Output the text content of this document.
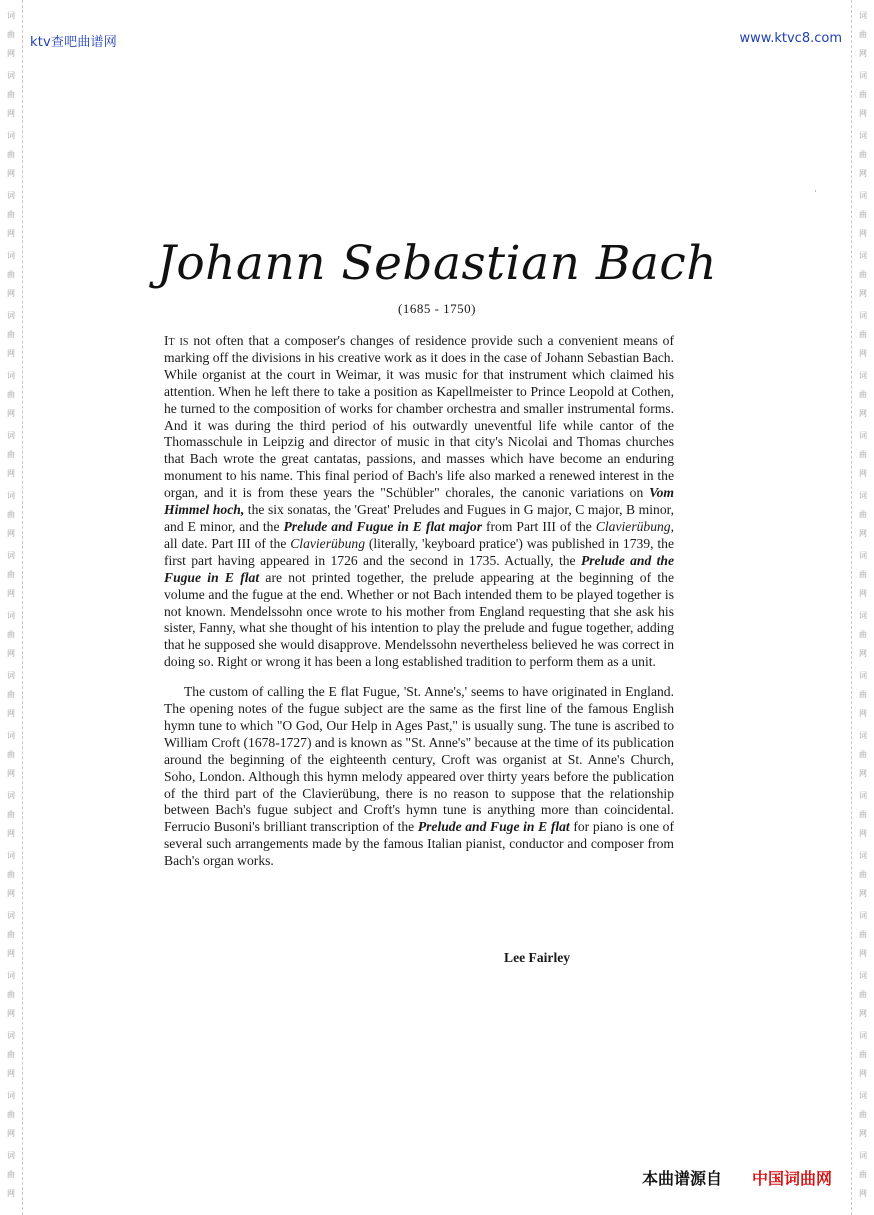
词
曲
网
词
曲
网
词
曲
网
词
曲
网
词
曲
网
词
曲
网
词
曲
网
词
曲
网
词
曲
网
词
曲
网
词
曲
网
词
曲
网
词
曲
网
词
曲
网
词
曲
网
词
曲
网
词
曲
网
词
曲
网
词
曲
网
词
曲
网
词
曲
网
词
曲
网
词
曲
网
词
曲
网
词
曲
网
词
曲
网
词
曲
网
词
曲
网
词
曲
网
词
曲
网
词
曲
网
词
曲
网
词
曲
网
词
曲
网
词
曲
网
词
曲
网
词
曲
网
词
曲
网
词
曲
网
词
曲
网
ktv查吧曲谱网	www.ktvc8.com
Johann Sebastian Bach
(1685 - 1750)

It is not often that a composer's changes of residence provide such a convenient means of marking off the divisions in his creative work as it does in the case of Johann Sebastian Bach. While organist at the court in Weimar, it was music for that instrument which claimed his attention. When he left there to take a position as Kapellmeister to Prince Leopold at Cothen, he turned to the composition of works for chamber orchestra and smaller instrumental forms. And it was during the third period of his outwardly uneventful life while cantor of the Thomasschule in Leipzig and director of music in that city's Nicolai and Thomas churches that Bach wrote the great cantatas, passions, and masses which have become an enduring monument to his name. This final period of Bach's life also marked a renewed interest in the organ, and it is from these years the "Schübler" chorales, the canonic variations on Vom Himmel hoch, the six sonatas, the 'Great' Preludes and Fugues in G major, C major, B minor, and E minor, and the Prelude and Fugue in E flat major from Part III of the Clavierübung, all date. Part III of the Clavierübung (literally, 'keyboard pratice') was published in 1739, the first part having appeared in 1726 and the second in 1735. Actually, the Prelude and the Fugue in E flat are not printed together, the prelude appearing at the beginning of the volume and the fugue at the end. Whether or not Bach intended them to be played together is not known. Mendelssohn once wrote to his mother from England requesting that she ask his sister, Fanny, what she thought of his intention to play the prelude and fugue together, adding that he supposed she would disapprove. Mendelssohn nevertheless believed he was correct in doing so. Right or wrong it has been a long established tradition to perform them as a unit.

The custom of calling the E flat Fugue, 'St. Anne's,' seems to have originated in England. The opening notes of the fugue subject are the same as the first line of the famous English hymn tune to which "O God, Our Help in Ages Past," is usually sung. The tune is ascribed to William Croft (1678-1727) and is known as "St. Anne's" because at the time of its publication around the beginning of the eighteenth century, Croft was organist at St. Anne's Church, Soho, London. Although this hymn melody appeared over thirty years before the publication of the third part of the Clavierübung, there is no reason to suppose that the relationship between Bach's fugue subject and Croft's hymn tune is anything more than coincidental. Ferrucio Busoni's brilliant transcription of the Prelude and Fuge in E flat for piano is one of several such arrangements made by the famous Italian pianist, conductor and composer from Bach's organ works.

Lee Fairley
本曲谱源自 中国词曲网
